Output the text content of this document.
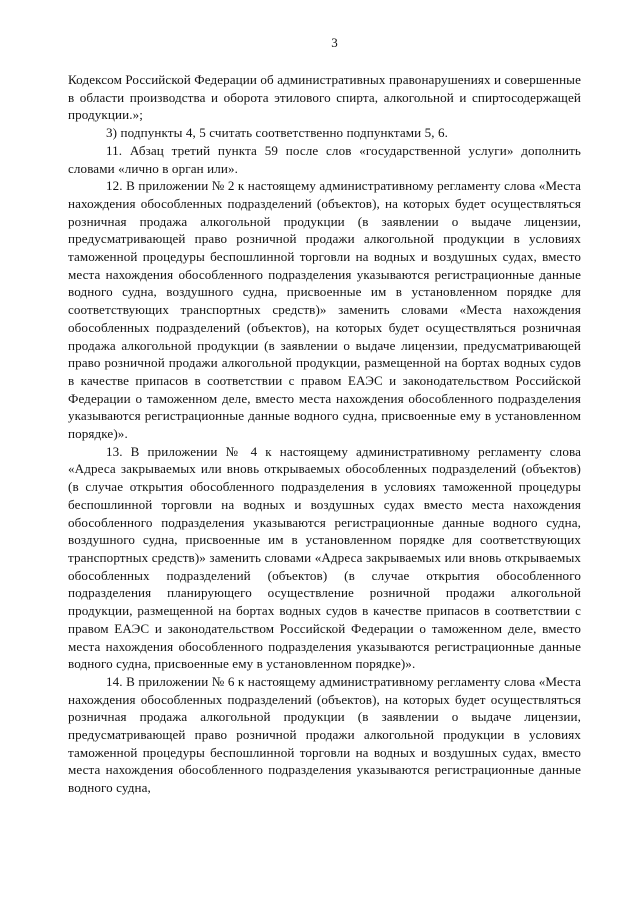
3

Кодексом Российской Федерации об административных правонарушениях и совершенные в области производства и оборота этилового спирта, алкогольной и спиртосодержащей продукции.»;

3) подпункты 4, 5 считать соответственно подпунктами 5, 6.

11. Абзац третий пункта 59 после слов «государственной услуги» дополнить словами «лично в орган или».

12. В приложении № 2 к настоящему административному регламенту слова «Места нахождения обособленных подразделений (объектов), на которых будет осуществляться розничная продажа алкогольной продукции (в заявлении о выдаче лицензии, предусматривающей право розничной продажи алкогольной продукции в условиях таможенной процедуры беспошлинной торговли на водных и воздушных судах, вместо места нахождения обособленного подразделения указываются регистрационные данные водного судна, воздушного судна, присвоенные им в установленном порядке для соответствующих транспортных средств)» заменить словами «Места нахождения обособленных подразделений (объектов), на которых будет осуществляться розничная продажа алкогольной продукции (в заявлении о выдаче лицензии, предусматривающей право розничной продажи алкогольной продукции, размещенной на бортах водных судов в качестве припасов в соответствии с правом ЕАЭС и законодательством Российской Федерации о таможенном деле, вместо места нахождения обособленного подразделения указываются регистрационные данные водного судна, присвоенные ему в установленном порядке)».

13. В приложении № 4 к настоящему административному регламенту слова «Адреса закрываемых или вновь открываемых обособленных подразделений (объектов) (в случае открытия обособленного подразделения в условиях таможенной процедуры беспошлинной торговли на водных и воздушных судах вместо места нахождения обособленного подразделения указываются регистрационные данные водного судна, воздушного судна, присвоенные им в установленном порядке для соответствующих транспортных средств)» заменить словами «Адреса закрываемых или вновь открываемых обособленных подразделений (объектов) (в случае открытия обособленного подразделения планирующего осуществление розничной продажи алкогольной продукции, размещенной на бортах водных судов в качестве припасов в соответствии с правом ЕАЭС и законодательством Российской Федерации о таможенном деле, вместо места нахождения обособленного подразделения указываются регистрационные данные водного судна, присвоенные ему в установленном порядке)».

14. В приложении № 6 к настоящему административному регламенту слова «Места нахождения обособленных подразделений (объектов), на которых будет осуществляться розничная продажа алкогольной продукции (в заявлении о выдаче лицензии, предусматривающей право розничной продажи алкогольной продукции в условиях таможенной процедуры беспошлинной торговли на водных и воздушных судах, вместо места нахождения обособленного подразделения указываются регистрационные данные водного судна,
